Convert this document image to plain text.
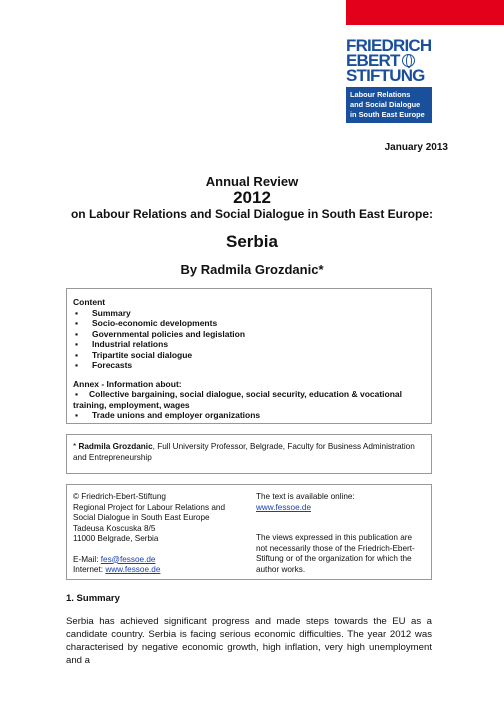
FRIEDRICH
EBERT
STIFTUNG
Labour Relations
and Social Dialogue
in South East Europe
January 2013
Annual Review
2012
on Labour Relations and Social Dialogue in South East Europe:
Serbia
By Radmila Grozdanic*
Content
▪	Summary
▪	Socio-economic developments
▪	Governmental policies and legislation
▪	Industrial relations
▪	Tripartite social dialogue
▪	Forecasts
Annex - Information about:
▪ Collective bargaining, social dialogue, social security, education & vocational training, employment, wages
▪	Trade unions and employer organizations
* Radmila Grozdanic, Full University Professor, Belgrade, Faculty for Business Administration and Entrepreneurship
© Friedrich-Ebert-Stiftung
Regional Project for Labour Relations and
Social Dialogue in South East Europe
Tadeusa Koscuska 8/5
11000 Belgrade, Serbia
E-Mail: fes@fessoe.de
Internet: www.fessoe.de
The text is available online:
www.fessoe.de
The views expressed in this publication are not necessarily those of the Friedrich-Ebert-Stiftung or of the organization for which the author works.
1. Summary
Serbia has achieved significant progress and made steps towards the EU as a candidate country. Serbia is facing serious economic difficulties. The year 2012 was characterised by negative economic growth, high inflation, very high unemployment and a
